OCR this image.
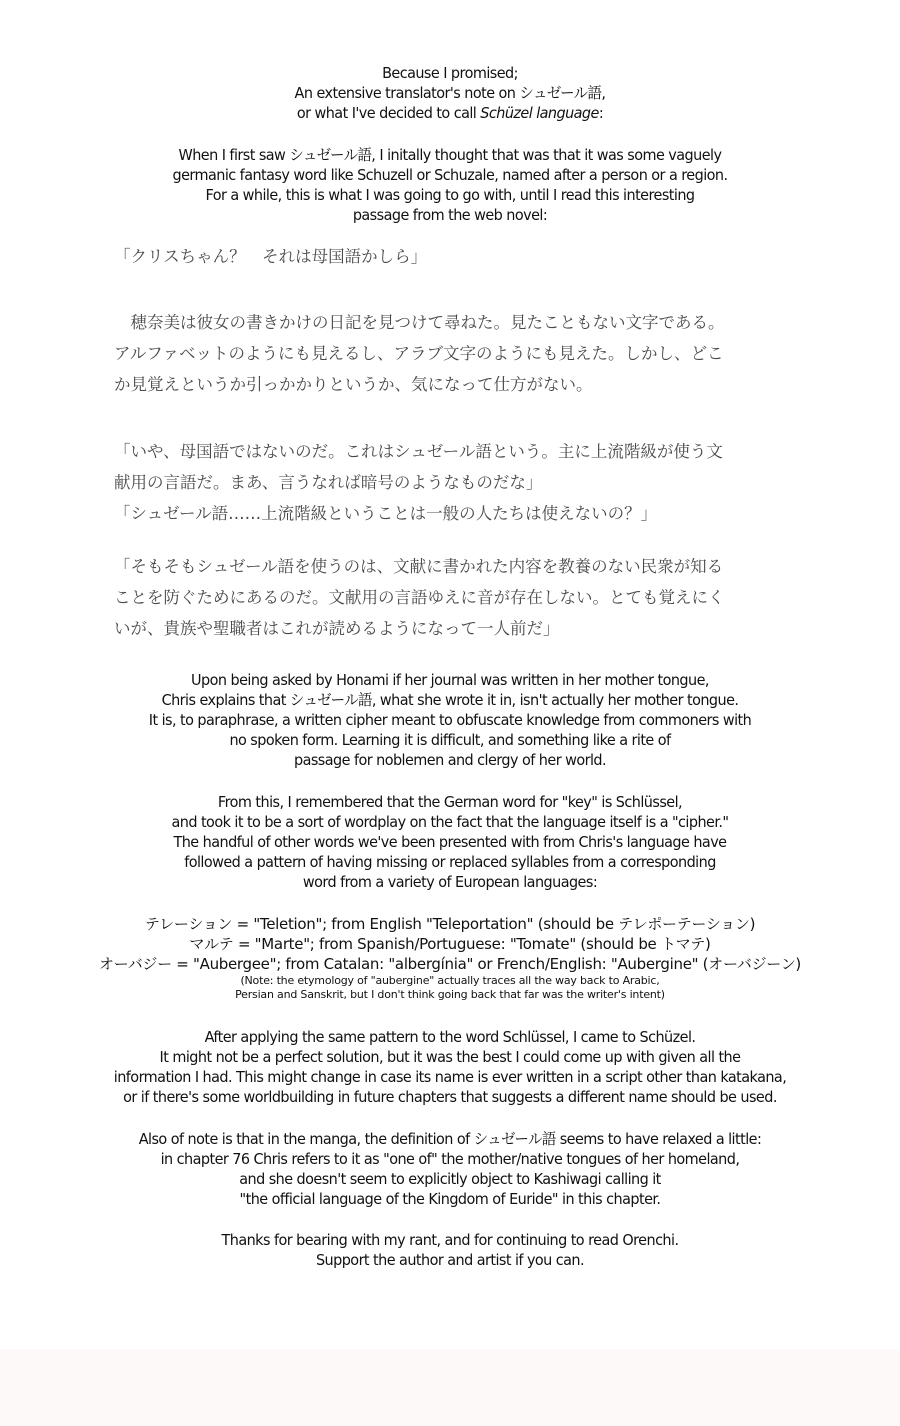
Because I promised;
An extensive translator's note on シュゼール語,
or what I've decided to call Schüzel language:
When I first saw シュゼール語, I initally thought that was that it was some vaguely
germanic fantasy word like Schuzell or Schuzale, named after a person or a region.
For a while, this is what I was going to go with, until I read this interesting
passage from the web novel:
「クリスちゃん？　それは母国語かしら」
　穂奈美は彼女の書きかけの日記を見つけて尋ねた。見たこともない文字である。
アルファベットのようにも見えるし、アラブ文字のようにも見えた。しかし、どこ
か見覚えというか引っかかりというか、気になって仕方がない。
「いや、母国語ではないのだ。これはシュゼール語という。主に上流階級が使う文
献用の言語だ。まあ、言うなれば暗号のようなものだな」
「シュゼール語……上流階級ということは一般の人たちは使えないの？」
「そもそもシュゼール語を使うのは、文献に書かれた内容を教養のない民衆が知る
ことを防ぐためにあるのだ。文献用の言語ゆえに音が存在しない。とても覚えにく
いが、貴族や聖職者はこれが読めるようになって一人前だ」
Upon being asked by Honami if her journal was written in her mother tongue,
Chris explains that シュゼール語, what she wrote it in, isn't actually her mother tongue.
It is, to paraphrase, a written cipher meant to obfuscate knowledge from commoners with
no spoken form. Learning it is difficult, and something like a rite of
passage for noblemen and clergy of her world.
From this, I remembered that the German word for "key" is Schlüssel,
and took it to be a sort of wordplay on the fact that the language itself is a "cipher."
The handful of other words we've been presented with from Chris's language have
followed a pattern of having missing or replaced syllables from a corresponding
word from a variety of European languages:
テレーション = "Teletion"; from English "Teleportation" (should be テレポーテーション)
マルテ = "Marte"; from Spanish/Portuguese: "Tomate" (should be トマテ)
オーバジー = "Aubergee"; from Catalan: "albergínia" or French/English: "Aubergine" (オーバジーン)
(Note: the etymology of "aubergine" actually traces all the way back to Arabic,
Persian and Sanskrit, but I don't think going back that far was the writer's intent)
After applying the same pattern to the word Schlüssel, I came to Schüzel.
It might not be a perfect solution, but it was the best I could come up with given all the
information I had. This might change in case its name is ever written in a script other than katakana,
or if there's some worldbuilding in future chapters that suggests a different name should be used.
Also of note is that in the manga, the definition of シュゼール語 seems to have relaxed a little:
in chapter 76 Chris refers to it as "one of" the mother/native tongues of her homeland,
and she doesn't seem to explicitly object to Kashiwagi calling it
"the official language of the Kingdom of Euride" in this chapter.
Thanks for bearing with my rant, and for continuing to read Orenchi.
Support the author and artist if you can.
